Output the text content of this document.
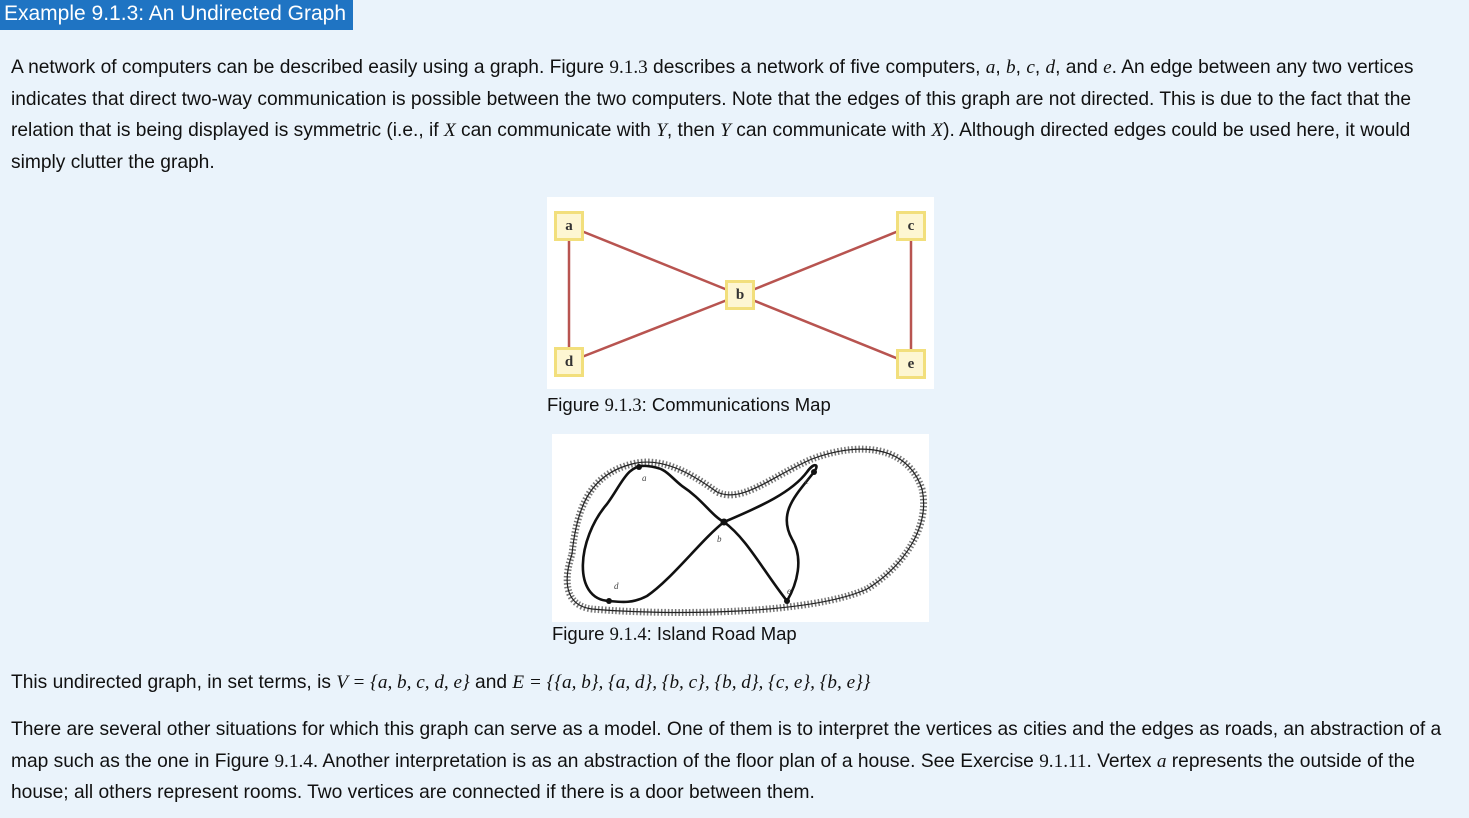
Example 9.1.3: An Undirected Graph

A network of computers can be described easily using a graph. Figure 9.1.3 describes a network of five computers, a, b, c, d, and e. An edge between any two vertices indicates that direct two-way communication is possible between the two computers. Note that the edges of this graph are not directed. This is due to the fact that the relation that is being displayed is symmetric (i.e., if X can communicate with Y, then Y can communicate with X). Although directed edges could be used here, it would simply clutter the graph.

a
b
c
d	e
Figure 9.1.3: Communications Map
a
b
c
d	e
Figure 9.1.4: Island Road Map

This undirected graph, in set terms, is V = {a, b, c, d, e} and E = {{a, b}, {a, d}, {b, c}, {b, d}, {c, e}, {b, e}}

There are several other situations for which this graph can serve as a model. One of them is to interpret the vertices as cities and the edges as roads, an abstraction of a map such as the one in Figure 9.1.4. Another interpretation is as an abstraction of the floor plan of a house. See Exercise 9.1.11. Vertex a represents the outside of the house; all others represent rooms. Two vertices are connected if there is a door between them.
